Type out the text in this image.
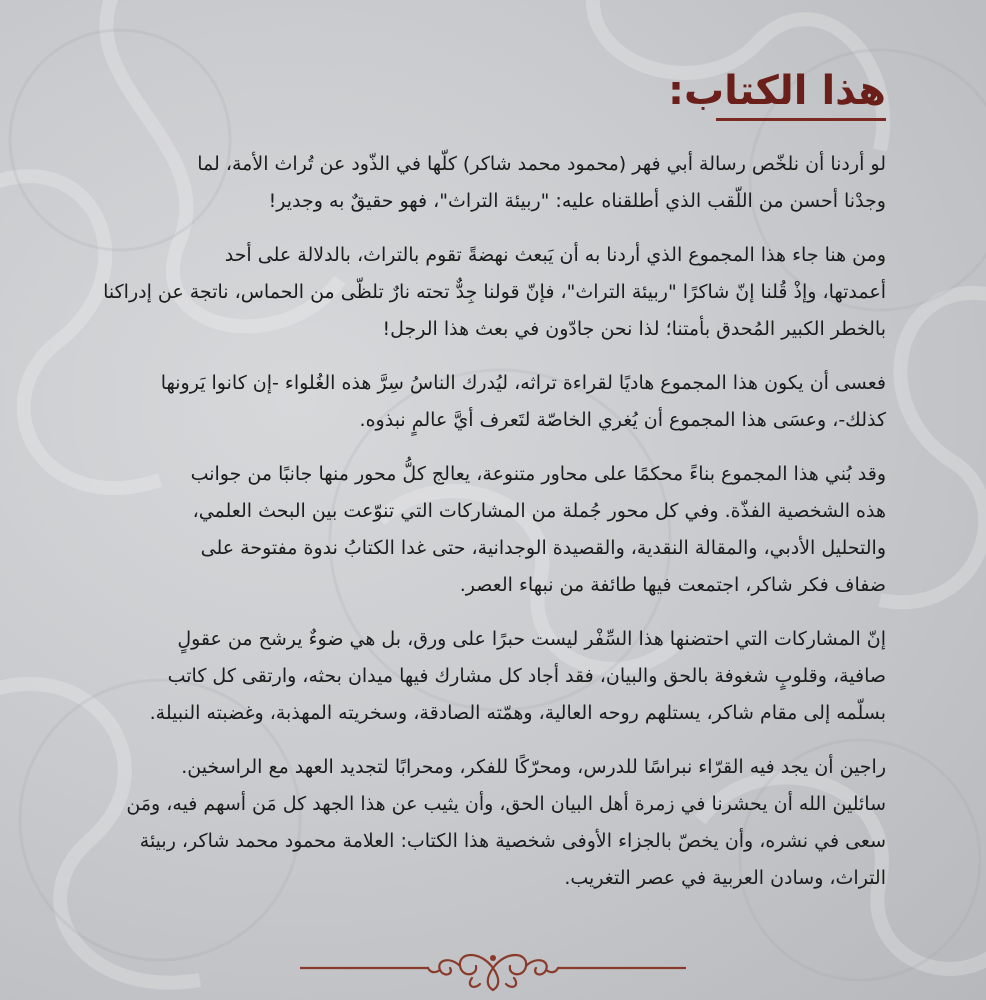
هذا الكتاب:

لو أردنا أن نلخّص رسالة أبي فهر (محمود محمد شاكر) كلّها في الذّود عن تُراث الأمة، لما
وجدْنا أحسن من اللّقب الذي أطلقناه عليه: "ربيئة التراث"، فهو حقيقٌ به وجدير!

ومن هنا جاء هذا المجموع الذي أردنا به أن يَبعث نهضةً تقوم بالتراث، بالدلالة على أحد
أعمدتها، وإذْ قُلنا إنّ شاكرًا "ربيئة التراث"، فإنّ قولنا جِدٌّ تحته نارٌ تلظّى من الحماس، ناتجة عن إدراكنا
بالخطر الكبير المُحدق بأمتنا؛ لذا نحن جادّون في بعث هذا الرجل!

فعسى أن يكون هذا المجموع هاديًا لقراءة تراثه، ليُدرك الناسُ سِرَّ هذه الغُلواء -إن كانوا يَرونها
كذلك-، وعسَى هذا المجموع أن يُغري الخاصّة لتَعرف أيَّ عالمٍ نبذوه.

وقد بُني هذا المجموع بناءً محكمًا على محاور متنوعة، يعالج كلُّ محور منها جانبًا من جوانب
هذه الشخصية الفذّة. وفي كل محور جُملة من المشاركات التي تنوّعت بين البحث العلمي،
والتحليل الأدبي، والمقالة النقدية، والقصيدة الوجدانية، حتى غدا الكتابُ ندوة مفتوحة على
ضفاف فكر شاكر، اجتمعت فيها طائفة من نبهاء العصر.

إنّ المشاركات التي احتضنها هذا السِّفْر ليست حبرًا على ورق، بل هي ضوءٌ يرشح من عقولٍ
صافية، وقلوبٍ شغوفة بالحق والبيان، فقد أجاد كل مشارك فيها ميدان بحثه، وارتقى كل كاتب
بسلّمه إلى مقام شاكر، يستلهم روحه العالية، وهمّته الصادقة، وسخريته المهذبة، وغضبته النبيلة.

راجين أن يجد فيه القرّاء نبراسًا للدرس، ومحرّكًا للفكر، ومحرابًا لتجديد العهد مع الراسخين.
سائلين الله أن يحشرنا في زمرة أهل البيان الحق، وأن يثيب عن هذا الجهد كل مَن أسهم فيه، ومَن
سعى في نشره، وأن يخصّ بالجزاء الأوفى شخصية هذا الكتاب: العلامة محمود محمد شاكر، ربيئة
التراث، وسادن العربية في عصر التغريب.
